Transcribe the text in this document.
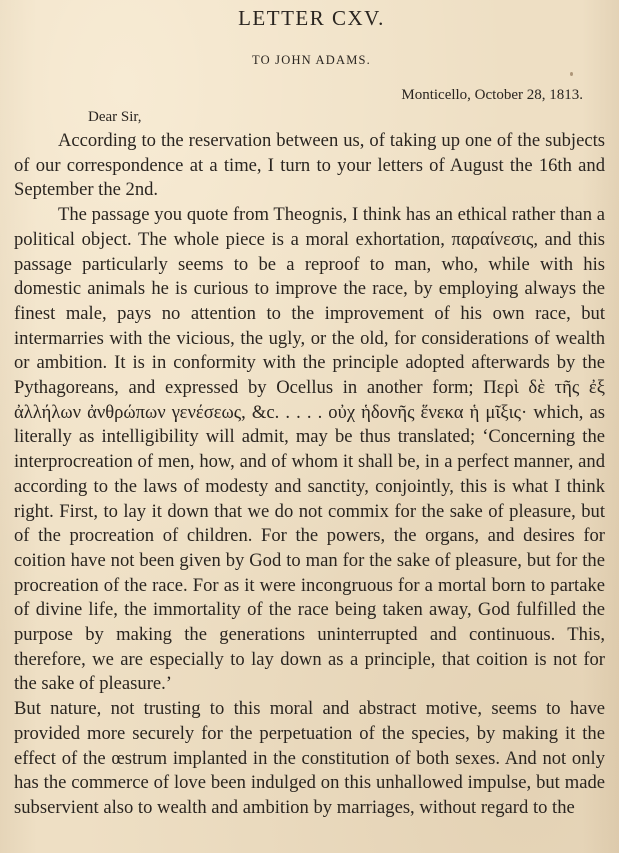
LETTER CXV.
TO JOHN ADAMS.
Monticello, October 28, 1813.
Dear Sir,

According to the reservation between us, of taking up one of the subjects of our correspondence at a time, I turn to your letters of August the 16th and September the 2nd.

The passage you quote from Theognis, I think has an ethical rather than a political object. The whole piece is a moral exhortation, παραίνεσις, and this passage particularly seems to be a reproof to man, who, while with his domestic animals he is curious to improve the race, by employing always the finest male, pays no attention to the improvement of his own race, but intermarries with the vicious, the ugly, or the old, for considerations of wealth or ambition. It is in conformity with the principle adopted afterwards by the Pythagoreans, and expressed by Ocellus in another form; Περὶ δὲ τῆς ἐξ ἀλλήλων ἀνθρώπων γενέσεως, &c. . . . . οὐχ ἡδονῆς ἕνεκα ἡ μῖξις· which, as literally as intelligibility will admit, may be thus translated; ‘Concerning the interprocreation of men, how, and of whom it shall be, in a perfect manner, and according to the laws of modesty and sanctity, conjointly, this is what I think right. First, to lay it down that we do not commix for the sake of pleasure, but of the procreation of children. For the powers, the organs, and desires for coition have not been given by God to man for the sake of pleasure, but for the procreation of the race. For as it were incongruous for a mortal born to partake of divine life, the immortality of the race being taken away, God fulfilled the purpose by making the generations uninterrupted and continuous. This, therefore, we are especially to lay down as a principle, that coition is not for the sake of pleasure.’

But nature, not trusting to this moral and abstract motive, seems to have provided more securely for the perpetuation of the species, by making it the effect of the œstrum implanted in the constitution of both sexes. And not only has the commerce of love been indulged on this unhallowed impulse, but made subservient also to wealth and ambition by marriages, without regard to the
